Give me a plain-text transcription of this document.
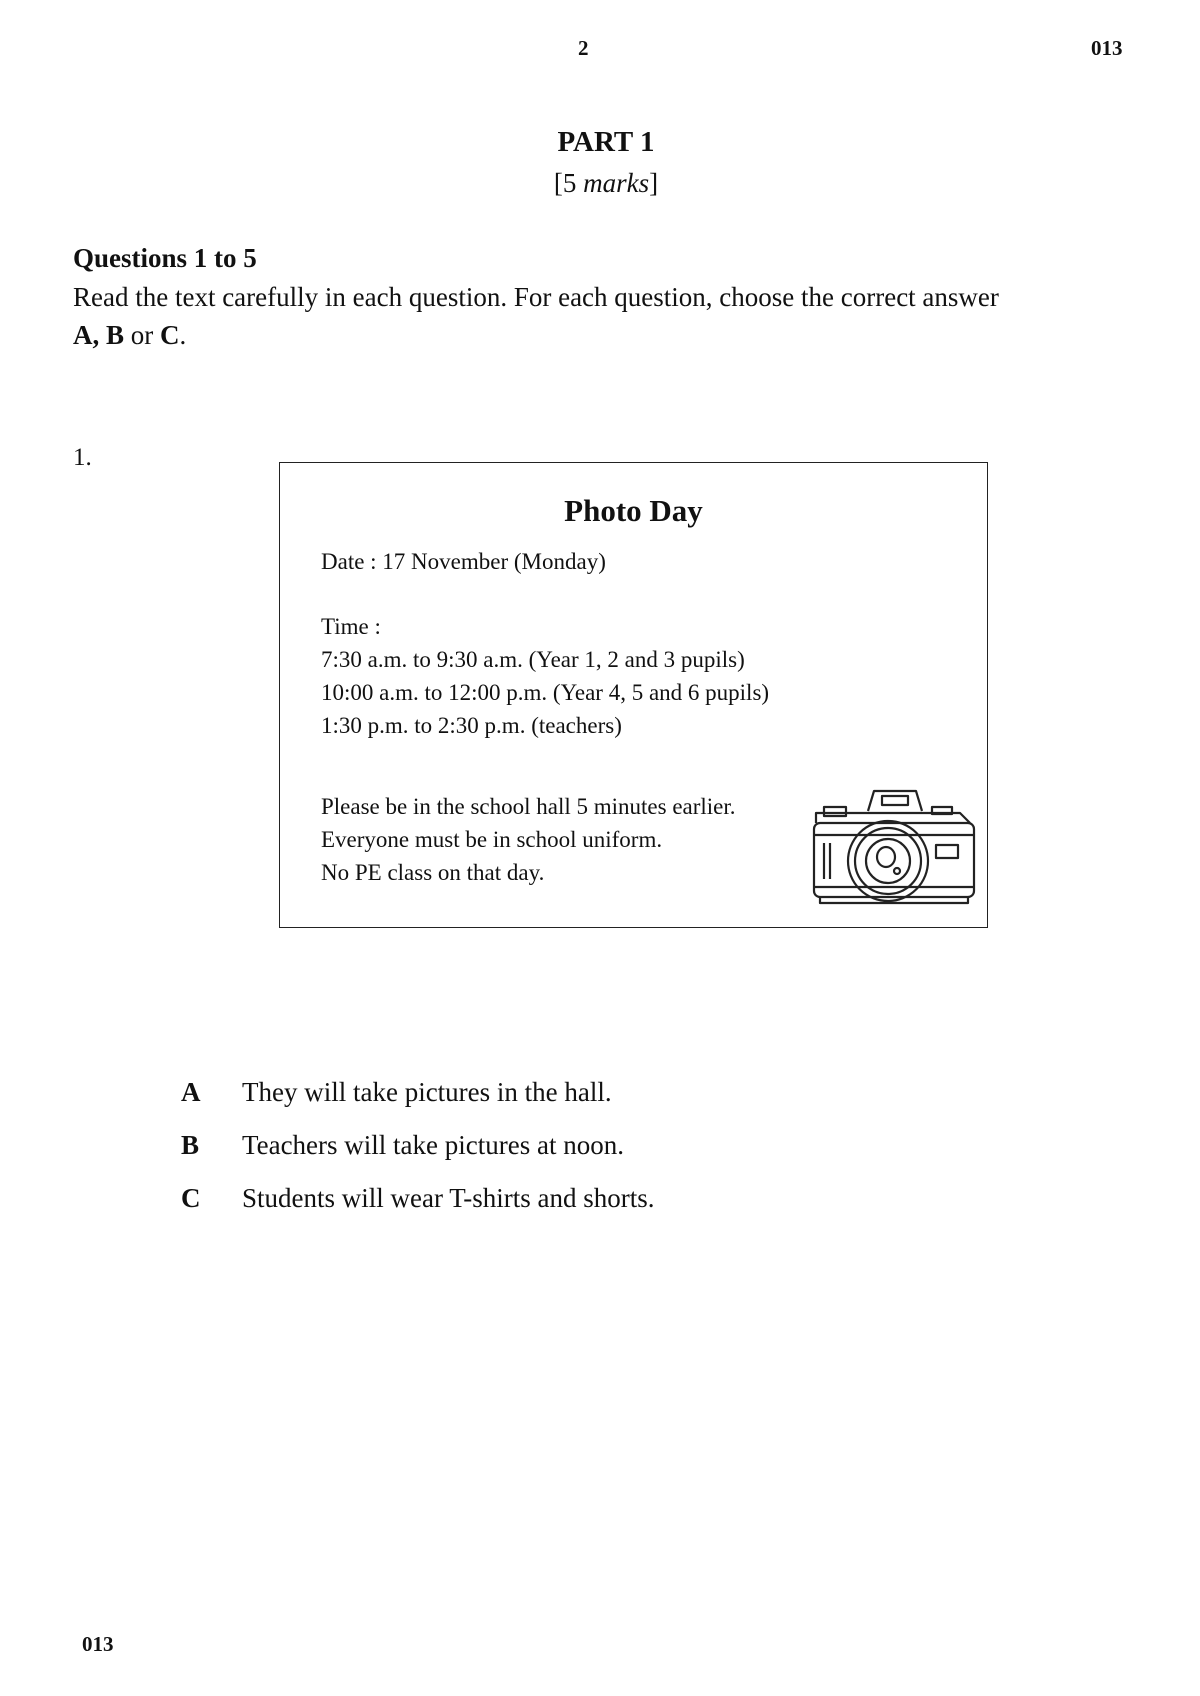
2	013
PART 1
[5 marks]
Questions 1 to 5
Read the text carefully in each question. For each question, choose the correct answer
A, B or C.
1.
Photo Day
Date : 17 November (Monday)
Time :
7:30 a.m. to 9:30 a.m. (Year 1, 2 and 3 pupils)
10:00 a.m. to 12:00 p.m. (Year 4, 5 and 6 pupils)
1:30 p.m. to 2:30 p.m. (teachers)
Please be in the school hall 5 minutes earlier.
Everyone must be in school uniform.
No PE class on that day.
A They will take pictures in the hall.
B Teachers will take pictures at noon.
C Students will wear T-shirts and shorts.
013
